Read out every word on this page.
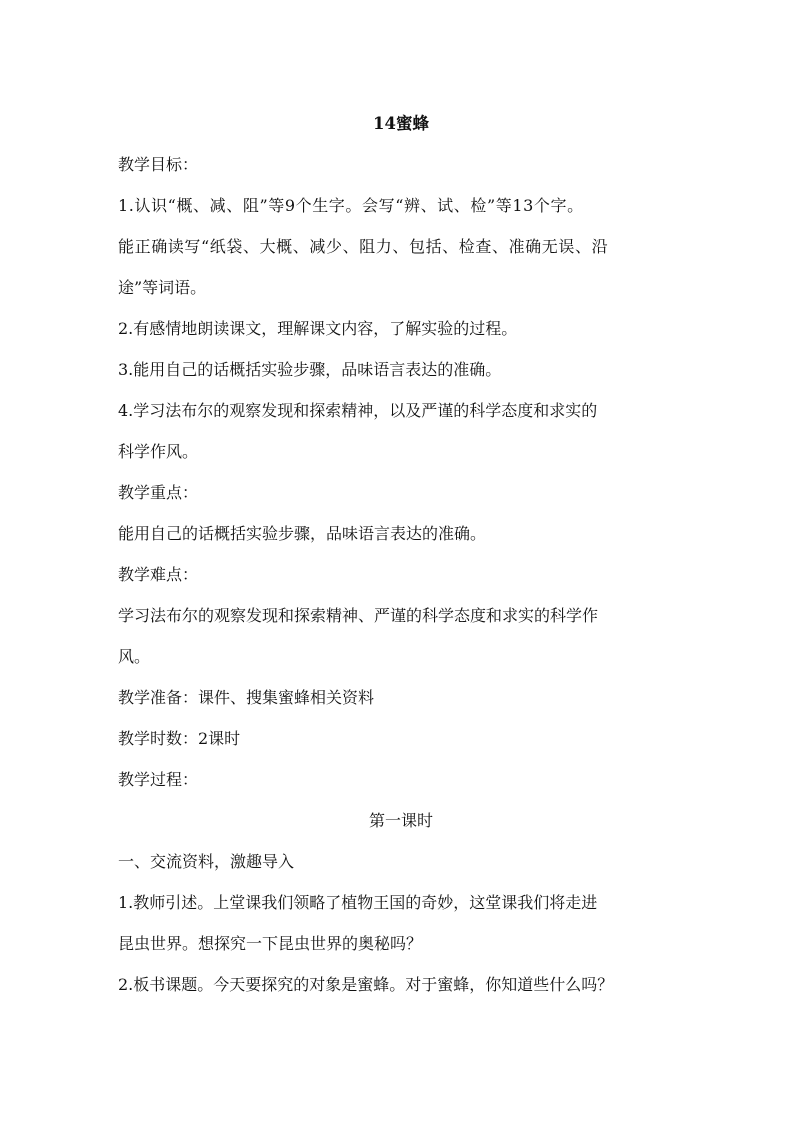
14蜜蜂

教学目标：

1.认识“概、减、阻”等9个生字。会写“辨、试、检”等13个字。

能正确读写“纸袋、大概、减少、阻力、包括、检查、准确无误、沿

途”等词语。

2.有感情地朗读课文，理解课文内容，了解实验的过程。

3.能用自己的话概括实验步骤，品味语言表达的准确。

4.学习法布尔的观察发现和探索精神，以及严谨的科学态度和求实的

科学作风。

教学重点：

能用自己的话概括实验步骤，品味语言表达的准确。

教学难点：

学习法布尔的观察发现和探索精神、严谨的科学态度和求实的科学作

风。

教学准备：课件、搜集蜜蜂相关资料

教学时数：2课时

教学过程：

第一课时

一、交流资料，激趣导入

1.教师引述。上堂课我们领略了植物王国的奇妙，这堂课我们将走进

昆虫世界。想探究一下昆虫世界的奥秘吗？

2.板书课题。今天要探究的对象是蜜蜂。对于蜜蜂，你知道些什么吗？
